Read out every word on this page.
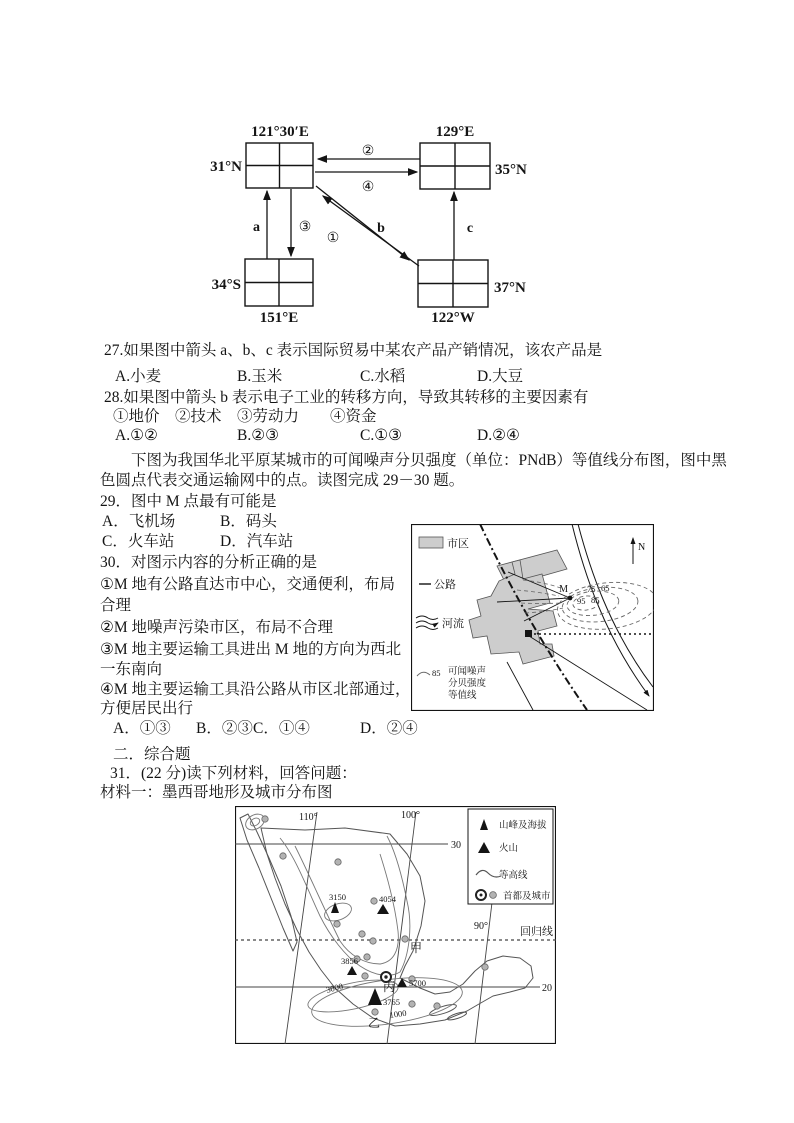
121°30′E
31°N
129°E
35°N
34°S
151°E
37°N
122°W
②
④
a	③
①
b	c
27.如果图中箭头 a、b、c 表示国际贸易中某农产品产销情况，该农产品是
A.小麦	B.玉米	C.水稻	D.大豆
28.如果图中箭头 b 表示电子工业的转移方向，导致其转移的主要因素有
①地价　②技术　③劳动力　　④资金
A.①②	B.②③	C.①③	D.②④
下图为我国华北平原某城市的可闻噪声分贝强度（单位：PNdB）等值线分布图，图中黑
色圆点代表交通运输网中的点。读图完成 29－30 题。
29．图中 M 点最有可能是
A．飞机场	B．码头
C．火车站	D．汽车站
30．对图示内容的分析正确的是
①M 地有公路直达市中心，交通便利，布局
合理
②M 地噪声污染市区，布局不合理
③M 地主要运输工具进出 M 地的方向为西北
一东南向
④M 地主要运输工具沿公路从市区北部通过，
方便居民出行
A．①③ B．②③ C．①④	D．②④
二．综合题
31．(22 分)读下列材料，回答问题：
材料一：墨西哥地形及城市分布图
M 75 65
95 85
N
市区
公路
河流
85 可闻噪声
分贝强度
等值线
30
20
110°	100°
90°	回归线
3000
1000
3150	4054
3856
5700
3765
甲
乙
丙
山峰及海拔
火山
等高线
首都及城市
